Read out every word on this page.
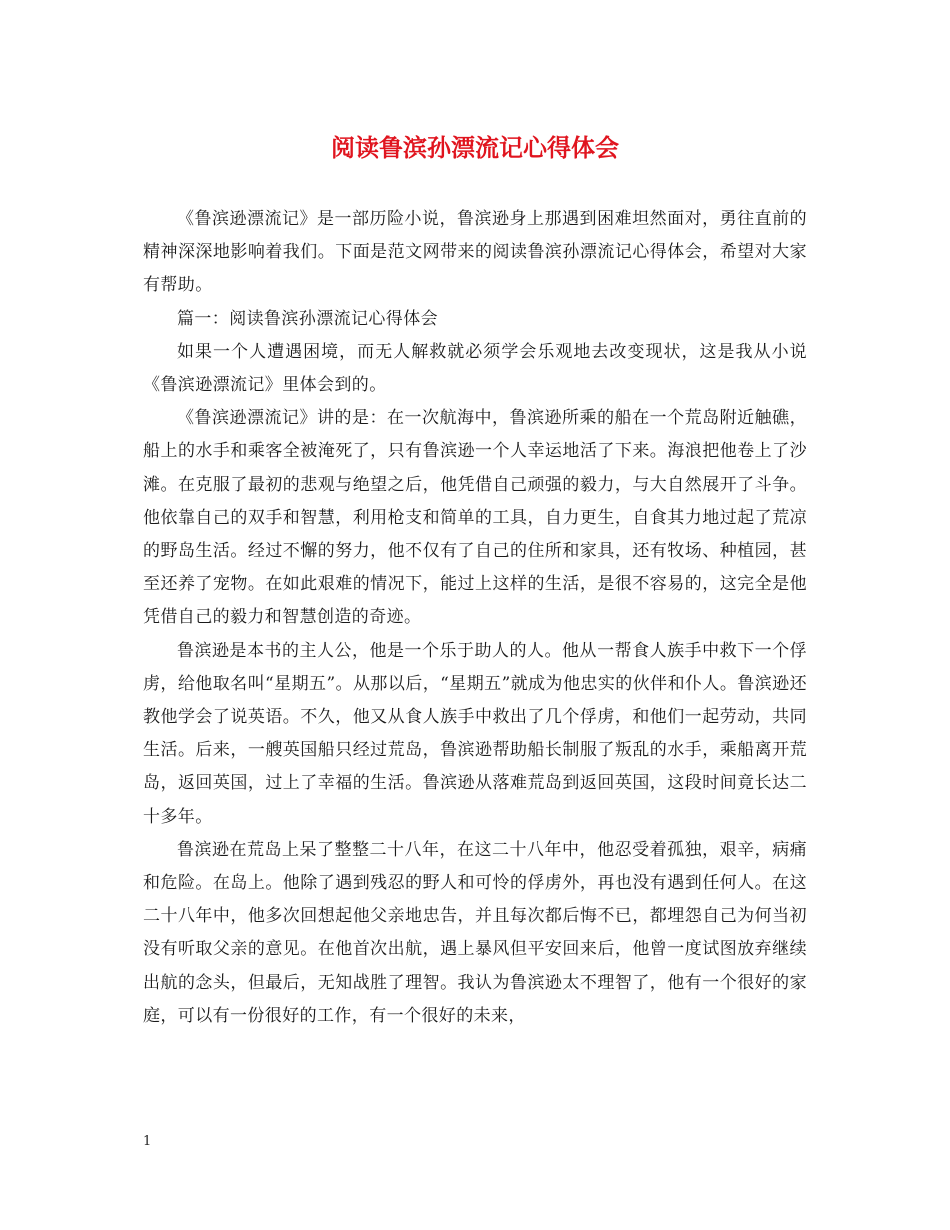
阅读鲁滨孙漂流记心得体会

《鲁滨逊漂流记》是一部历险小说，鲁滨逊身上那遇到困难坦然面对，勇往直前的精神深深地影响着我们。下面是范文网带来的阅读鲁滨孙漂流记心得体会，希望对大家有帮助。

篇一：阅读鲁滨孙漂流记心得体会

如果一个人遭遇困境，而无人解救就必须学会乐观地去改变现状，这是我从小说《鲁滨逊漂流记》里体会到的。

《鲁滨逊漂流记》讲的是：在一次航海中，鲁滨逊所乘的船在一个荒岛附近触礁，船上的水手和乘客全被淹死了，只有鲁滨逊一个人幸运地活了下来。海浪把他卷上了沙滩。在克服了最初的悲观与绝望之后，他凭借自己顽强的毅力，与大自然展开了斗争。他依靠自己的双手和智慧，利用枪支和简单的工具，自力更生，自食其力地过起了荒凉的野岛生活。经过不懈的努力，他不仅有了自己的住所和家具，还有牧场、种植园，甚至还养了宠物。在如此艰难的情况下，能过上这样的生活，是很不容易的，这完全是他凭借自己的毅力和智慧创造的奇迹。

鲁滨逊是本书的主人公，他是一个乐于助人的人。他从一帮食人族手中救下一个俘虏，给他取名叫“星期五”。从那以后，“星期五”就成为他忠实的伙伴和仆人。鲁滨逊还教他学会了说英语。不久，他又从食人族手中救出了几个俘虏，和他们一起劳动，共同生活。后来，一艘英国船只经过荒岛，鲁滨逊帮助船长制服了叛乱的水手，乘船离开荒岛，返回英国，过上了幸福的生活。鲁滨逊从落难荒岛到返回英国，这段时间竟长达二十多年。

鲁滨逊在荒岛上呆了整整二十八年，在这二十八年中，他忍受着孤独，艰辛，病痛和危险。在岛上。他除了遇到残忍的野人和可怜的俘虏外，再也没有遇到任何人。在这二十八年中，他多次回想起他父亲地忠告，并且每次都后悔不已，都埋怨自己为何当初没有听取父亲的意见。在他首次出航，遇上暴风但平安回来后，他曾一度试图放弃继续出航的念头，但最后，无知战胜了理智。我认为鲁滨逊太不理智了，他有一个很好的家庭，可以有一份很好的工作，有一个很好的未来，

1
